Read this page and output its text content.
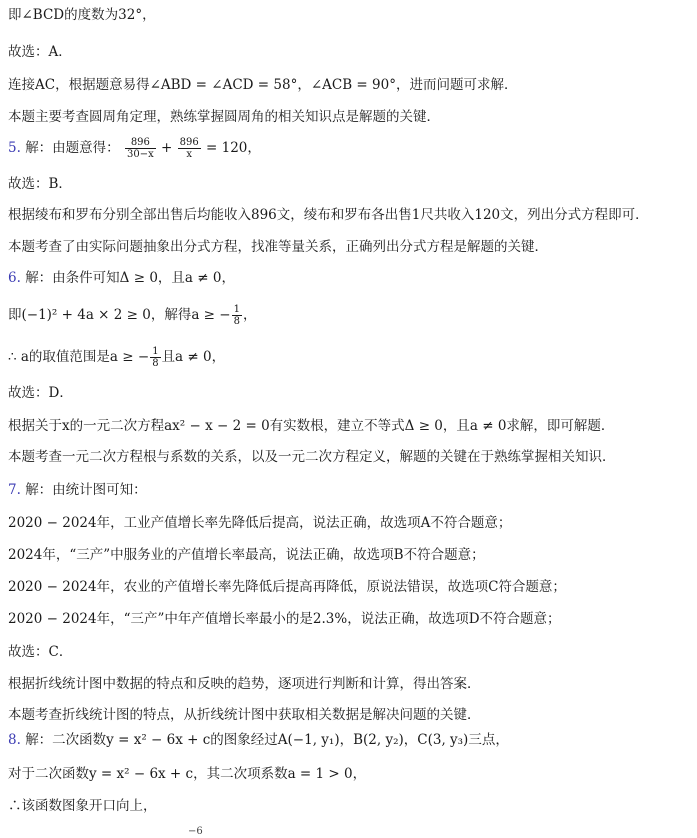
即∠BCD的度数为32°，
故选：A．
连接AC，根据题意易得∠ABD = ∠ACD = 58°，∠ACB = 90°，进而问题可求解．
本题主要考查圆周角定理，熟练掌握圆周角的相关知识点是解题的关键．
5. 解：由题意得： $\frac{896}{30-x} + \frac{896}{x} = 120$，
故选：B．
根据绫布和罗布分别全部出售后均能收入896文，绫布和罗布各出售1尺共收入120文，列出分式方程即可．
本题考查了由实际问题抽象出分式方程，找准等量关系，正确列出分式方程是解题的关键．
6. 解：由条件可知Δ ≥ 0，且a ≠ 0，
即(−1)² + 4a × 2 ≥ 0，解得a ≥ − $\frac{1}{8}$ ，
∴ a的取值范围是a ≥ − $\frac{1}{8}$ 且a ≠ 0，
故选：D．
根据关于x的一元二次方程ax² − x − 2 = 0有实数根，建立不等式Δ ≥ 0，且a ≠ 0求解，即可解题．
本题考查一元二次方程根与系数的关系，以及一元二次方程定义，解题的关键在于熟练掌握相关知识．
7. 解：由统计图可知：
2020 − 2024年，工业产值增长率先降低后提高，说法正确，故选项A不符合题意；
2024年，“三产”中服务业的产值增长率最高，说法正确，故选项B不符合题意；
2020 − 2024年，农业的产值增长率先降低后提高再降低，原说法错误，故选项C符合题意；
2020 − 2024年，“三产”中年产值增长率最小的是2.3%，说法正确，故选项D不符合题意；
故选：C．
根据折线统计图中数据的特点和反映的趋势，逐项进行判断和计算，得出答案．
本题考查折线统计图的特点，从折线统计图中获取相关数据是解决问题的关键．
8. 解：二次函数y = x² − 6x + c的图象经过A(−1, y₁)，B(2, y₂)，C(3, y₃)三点，
对于二次函数y = x² − 6x + c，其二次项系数a = 1 > 0，
∴该函数图象开口向上，
−6
